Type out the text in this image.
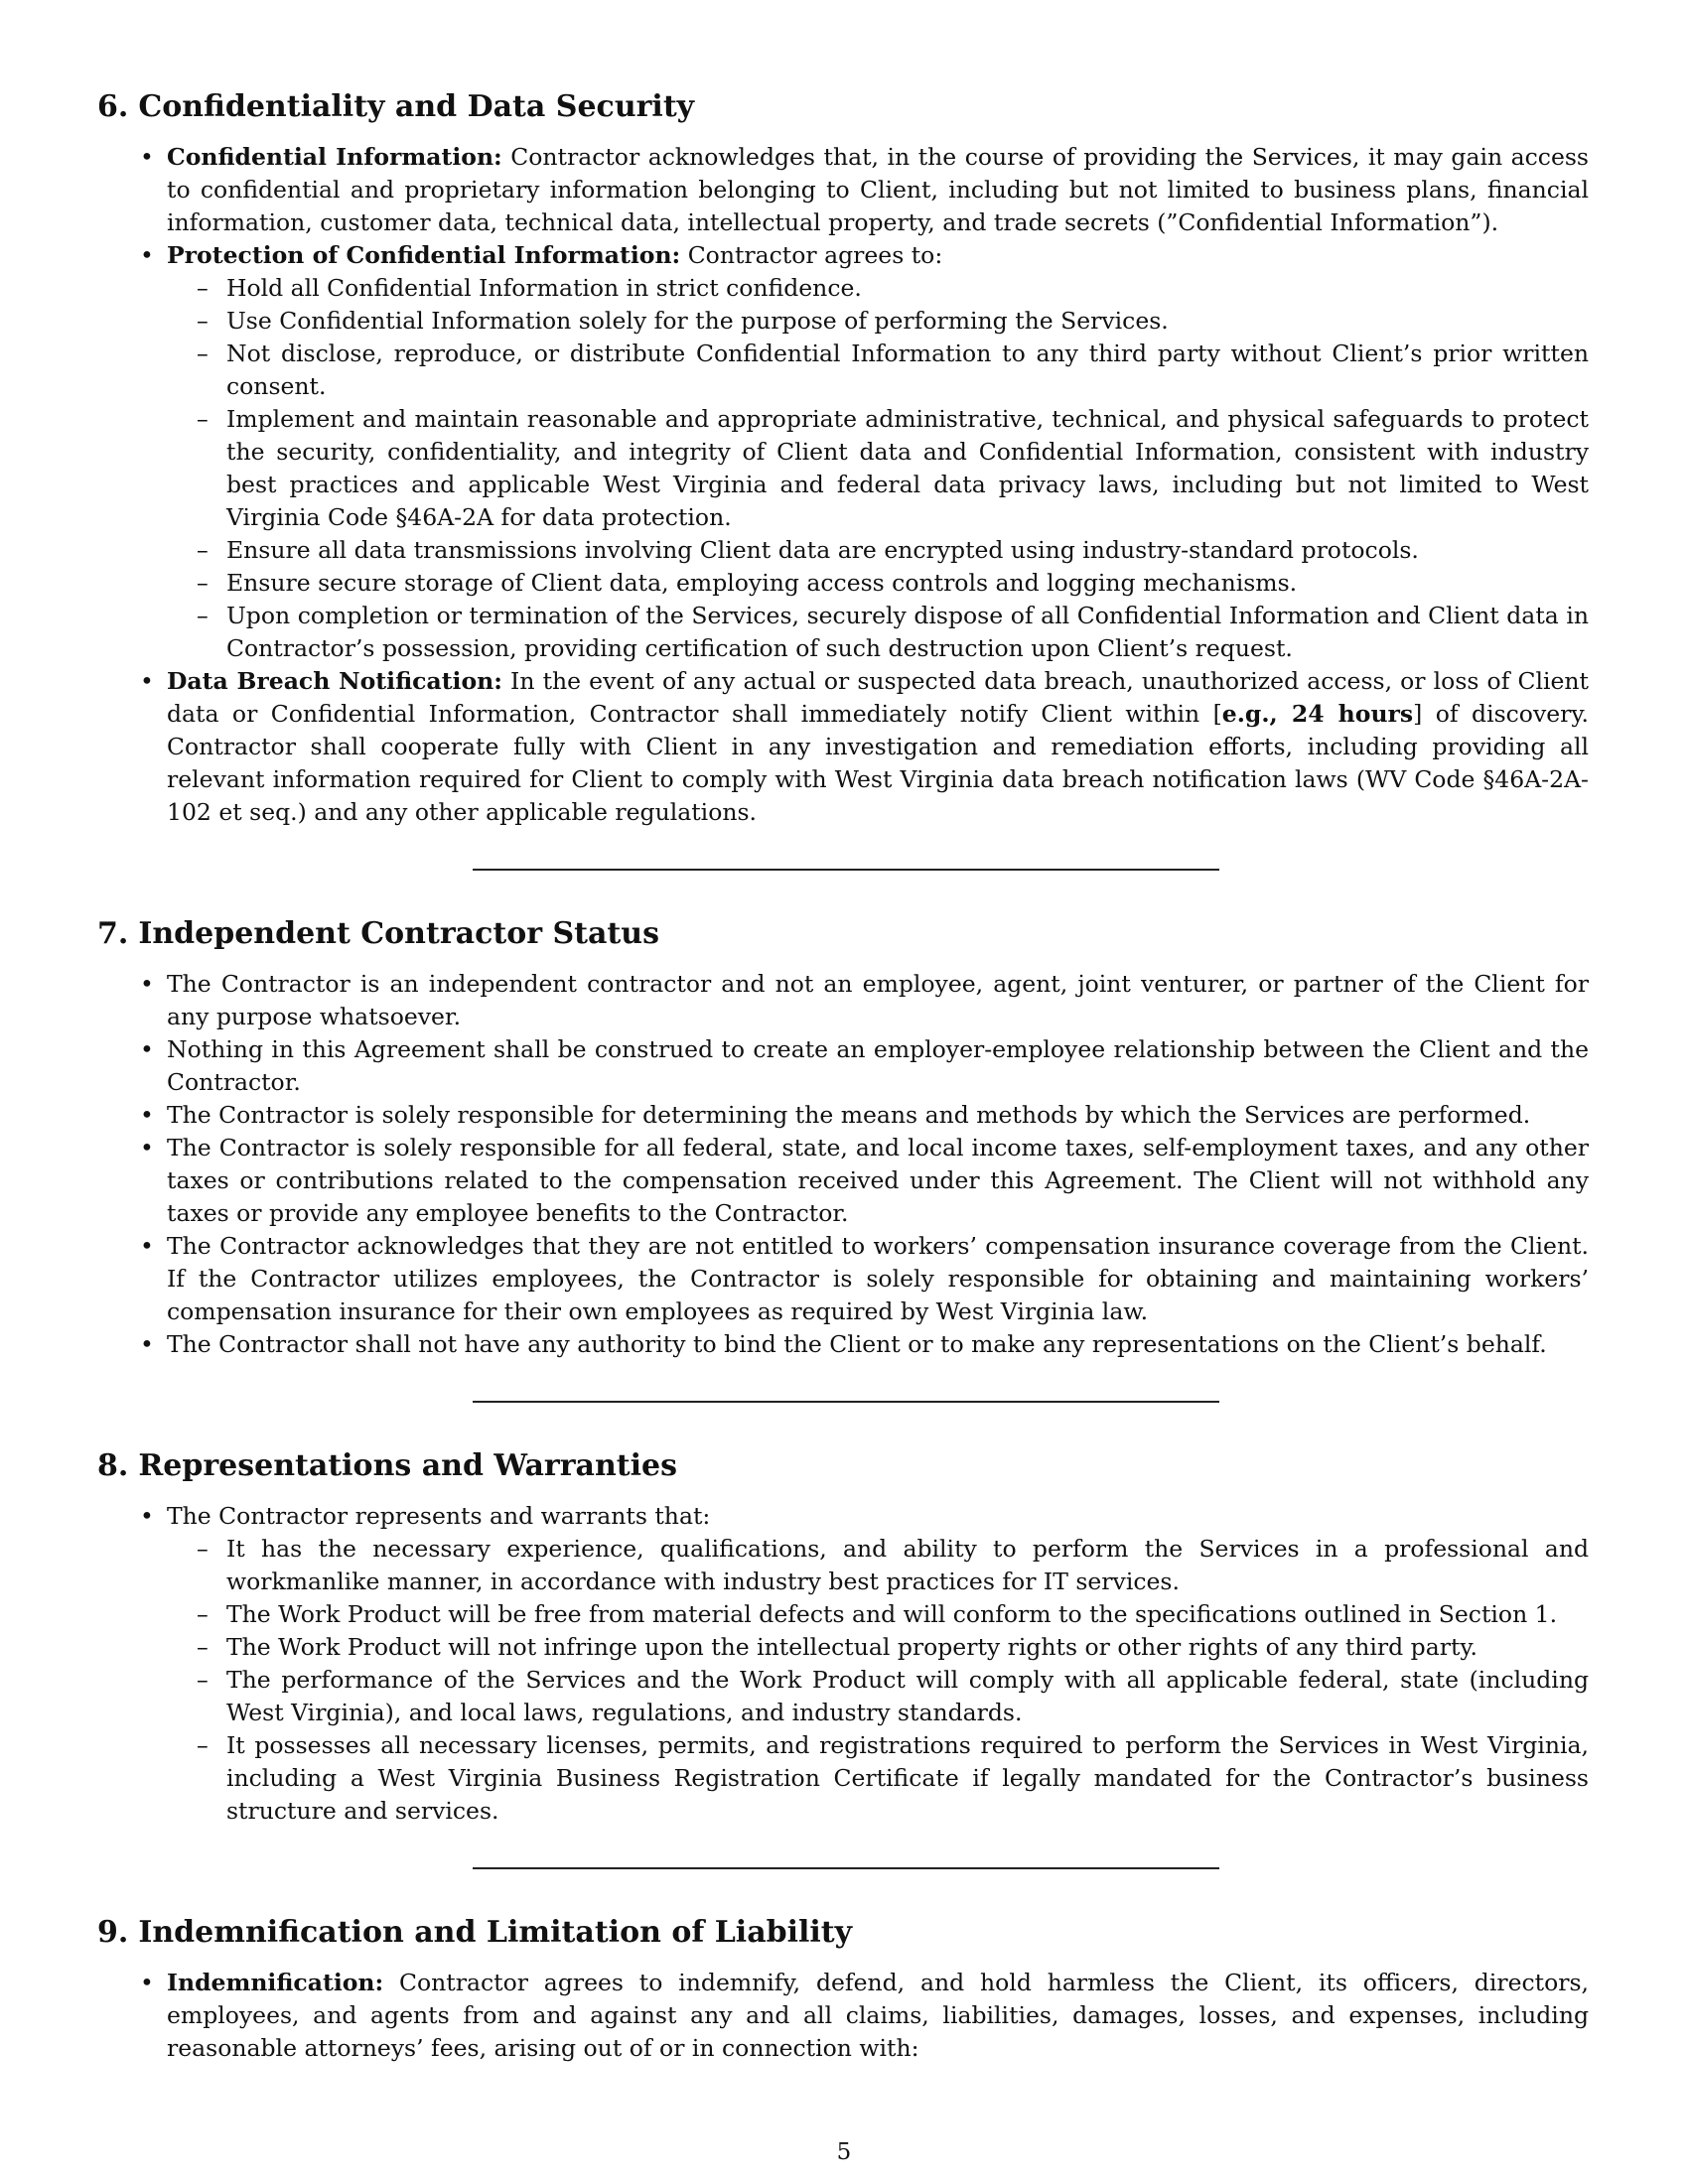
6. Confidentiality and Data Security
• Confidential Information: Contractor acknowledges that, in the course of providing the Services, it may gain access to confidential and proprietary information belonging to Client, including but not limited to business plans, financial information, customer data, technical data, intellectual property, and trade secrets (”Confidential Information”).
• Protection of Confidential Information: Contractor agrees to:
– Hold all Confidential Information in strict confidence.
– Use Confidential Information solely for the purpose of performing the Services.
– Not disclose, reproduce, or distribute Confidential Information to any third party without Client’s prior written consent.
– Implement and maintain reasonable and appropriate administrative, technical, and physical safeguards to protect the security, confidentiality, and integrity of Client data and Confidential Information, consistent with industry best practices and applicable West Virginia and federal data privacy laws, including but not limited to West Virginia Code §46A-2A for data protection.
– Ensure all data transmissions involving Client data are encrypted using industry-standard protocols.
– Ensure secure storage of Client data, employing access controls and logging mechanisms.
– Upon completion or termination of the Services, securely dispose of all Confidential Information and Client data in Contractor’s possession, providing certification of such destruction upon Client’s request.
• Data Breach Notification: In the event of any actual or suspected data breach, unauthorized access, or loss of Client data or Confidential Information, Contractor shall immediately notify Client within [e.g., 24 hours] of discovery. Contractor shall cooperate fully with Client in any investigation and remediation efforts, including providing all relevant information required for Client to comply with West Virginia data breach notification laws (WV Code §46A-2A-102 et seq.) and any other applicable regulations.
7. Independent Contractor Status
• The Contractor is an independent contractor and not an employee, agent, joint venturer, or partner of the Client for any purpose whatsoever.
• Nothing in this Agreement shall be construed to create an employer-employee relationship between the Client and the Contractor.
• The Contractor is solely responsible for determining the means and methods by which the Services are performed.
• The Contractor is solely responsible for all federal, state, and local income taxes, self-employment taxes, and any other taxes or contributions related to the compensation received under this Agreement. The Client will not withhold any taxes or provide any employee benefits to the Contractor.
• The Contractor acknowledges that they are not entitled to workers’ compensation insurance coverage from the Client. If the Contractor utilizes employees, the Contractor is solely responsible for obtaining and maintaining workers’ compensation insurance for their own employees as required by West Virginia law.
• The Contractor shall not have any authority to bind the Client or to make any representations on the Client’s behalf.
8. Representations and Warranties
• The Contractor represents and warrants that:
– It has the necessary experience, qualifications, and ability to perform the Services in a professional and workmanlike manner, in accordance with industry best practices for IT services.
– The Work Product will be free from material defects and will conform to the specifications outlined in Section 1.
– The Work Product will not infringe upon the intellectual property rights or other rights of any third party.
– The performance of the Services and the Work Product will comply with all applicable federal, state (including West Virginia), and local laws, regulations, and industry standards.
– It possesses all necessary licenses, permits, and registrations required to perform the Services in West Virginia, including a West Virginia Business Registration Certificate if legally mandated for the Contractor’s business structure and services.
9. Indemnification and Limitation of Liability
• Indemnification: Contractor agrees to indemnify, defend, and hold harmless the Client, its officers, directors, employees, and agents from and against any and all claims, liabilities, damages, losses, and expenses, including reasonable attorneys’ fees, arising out of or in connection with:
5
